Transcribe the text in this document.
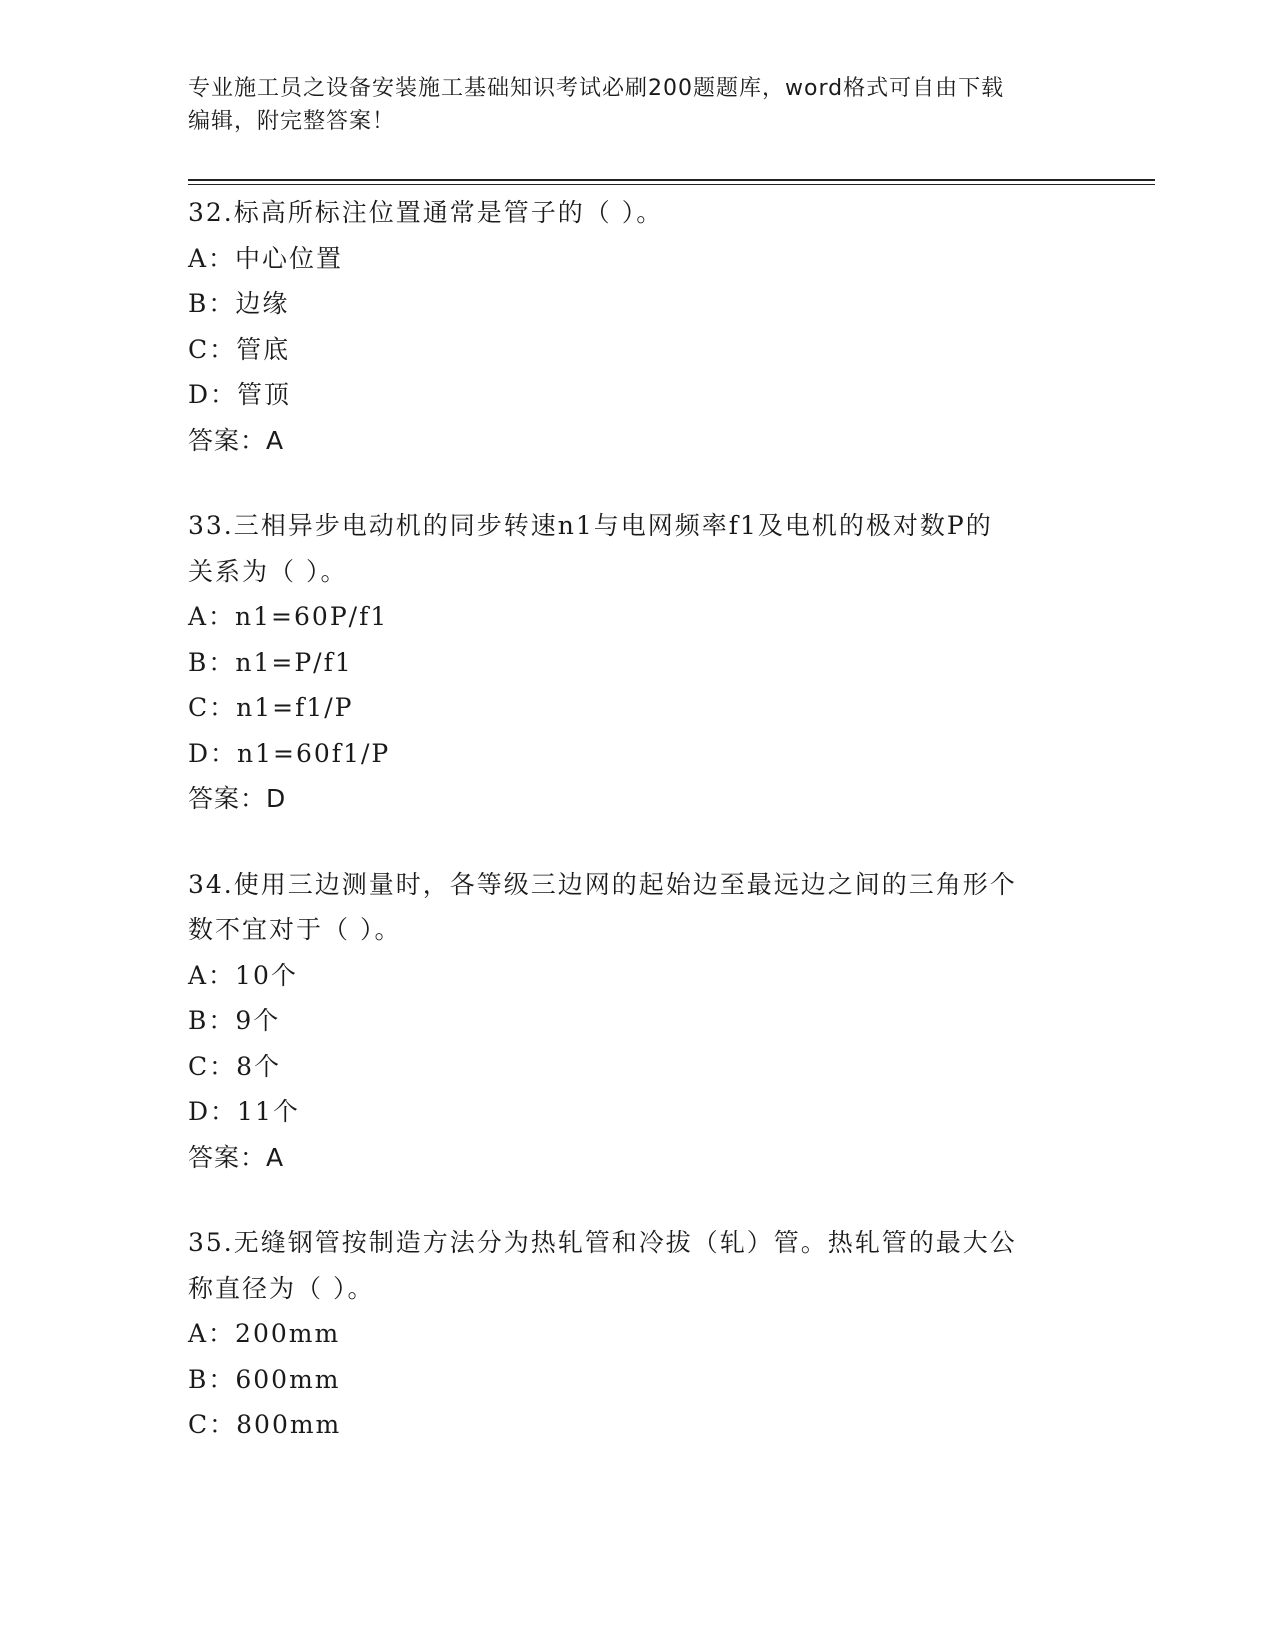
专业施工员之设备安装施工基础知识考试必刷200题题库，word格式可自由下载
编辑，附完整答案！
32.标高所标注位置通常是管子的（ ）。
A：中心位置
B：边缘
C：管底
D：管顶
答案：A
33.三相异步电动机的同步转速n1与电网频率f1及电机的极对数P的
关系为（ ）。
A：n1=60P/f1
B：n1=P/f1
C：n1=f1/P
D：n1=60f1/P
答案：D
34.使用三边测量时，各等级三边网的起始边至最远边之间的三角形个
数不宜对于（ ）。
A：10个
B：9个
C：8个
D：11个
答案：A
35.无缝钢管按制造方法分为热轧管和冷拔（轧）管。热轧管的最大公
称直径为（ ）。
A：200mm
B：600mm
C：800mm
